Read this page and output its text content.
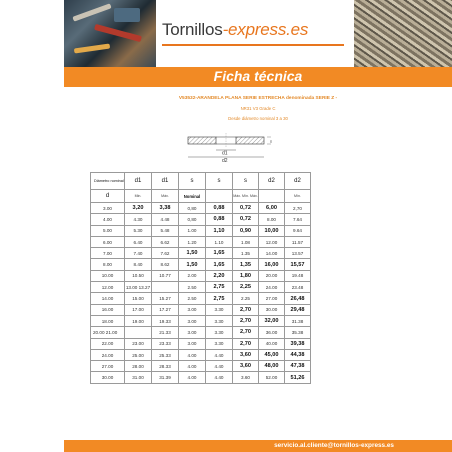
Tornillos-express.es
Ficha técnica
V53532-ARANDELA PLANA SERIE ESTRECHA denominada SERIE Z -
NR31 V3 Grade C
Desde diámetro nominal 3 a 30
s
d1
d2
Diámetro nominal	d1	d1	s	s	s	d2	d2
d	Min.	Máx.	Nominal		Máx. Mín. Máx.		Mín.
3.00	3,20	3,38	0,80	0,88	0,72	6,00	2,70
4.00	4.30	4.48	0,80	0,88	0,72	8.00	7.64
5.00	5.30	5.48	1.00	1,10	0,90	10,00	9.64
6.00	6.40	6.62	1.20	1.10	1.08	12.00	11.57
7.00	7.40	7.62	1,50	1,65	1.35	14.00	13.57
8.00	8.40	8.62	1,50	1,65	1,35	16,00	15,57
10.00	10.50	10.77	2.00	2,20	1,80	20.00	19.48
12.00	13.00 13.27		2.50	2,75	2,25	24.00	23.48
14.00	15.00	15.27	2.50	2,75	2.25	27.00	26,48
16.00	17.00	17.27	3.00	3.30	2,70	30.00	29,48
18.00	19.00	19.33	3.00	3.30	2,70	32,00	31.38
20.00 21.00		21.33	3.00	3.30	2,70	36.00	35.38
22.00	23.00	23.33	3.00	3.30	2,70	40.00	39,38
24.00	25.00	25.33	4.00	4.40	3,60	45,00	44,38
27.00	28.00	28.33	4.00	4.40	3,60	48,00	47,38
30.00	31.00	31.39	4.00	4.40	3.60	52.00	51,26
servicio.al.cliente@tornillos-express.es
